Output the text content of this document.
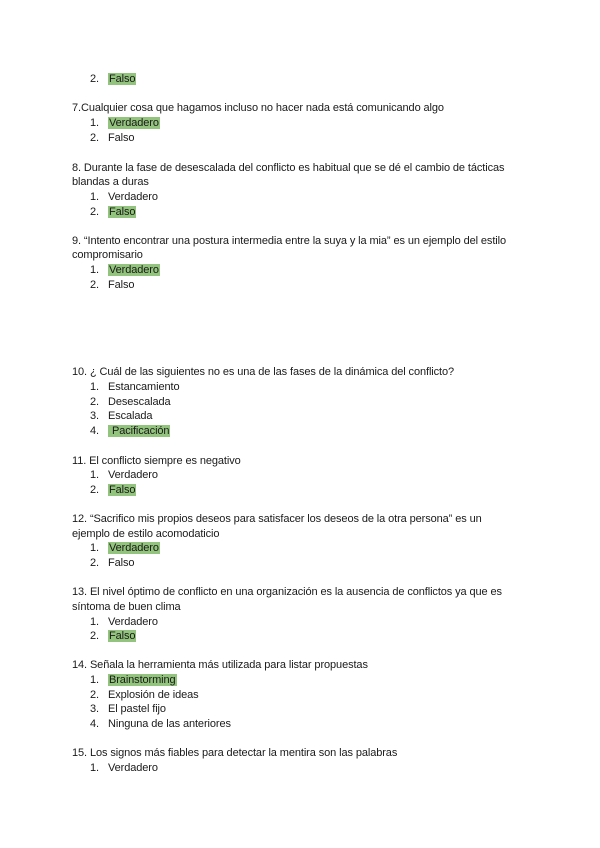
2. Falso
7.Cualquier cosa que hagamos incluso no hacer nada está comunicando algo
1. Verdadero
2. Falso
8. Durante la fase de desescalada del conflicto es habitual que se dé el cambio de tácticas
blandas a duras
1. Verdadero
2. Falso
9. “Intento encontrar una postura intermedia entre la suya y la mia” es un ejemplo del estilo
compromisario
1. Verdadero
2. Falso
10. ¿ Cuál de las siguientes no es una de las fases de la dinámica del conflicto?
1. Estancamiento
2. Desescalada
3. Escalada
4. Pacificación
11. El conflicto siempre es negativo
1. Verdadero
2. Falso
12. “Sacrifico mis propios deseos para satisfacer los deseos de la otra persona” es un
ejemplo de estilo acomodaticio
1. Verdadero
2. Falso
13. El nivel óptimo de conflicto en una organización es la ausencia de conflictos ya que es
síntoma de buen clima
1. Verdadero
2. Falso
14. Señala la herramienta más utilizada para listar propuestas
1. Brainstorming
2. Explosión de ideas
3. El pastel fijo
4. Ninguna de las anteriores
15. Los signos más fiables para detectar la mentira son las palabras
1. Verdadero
